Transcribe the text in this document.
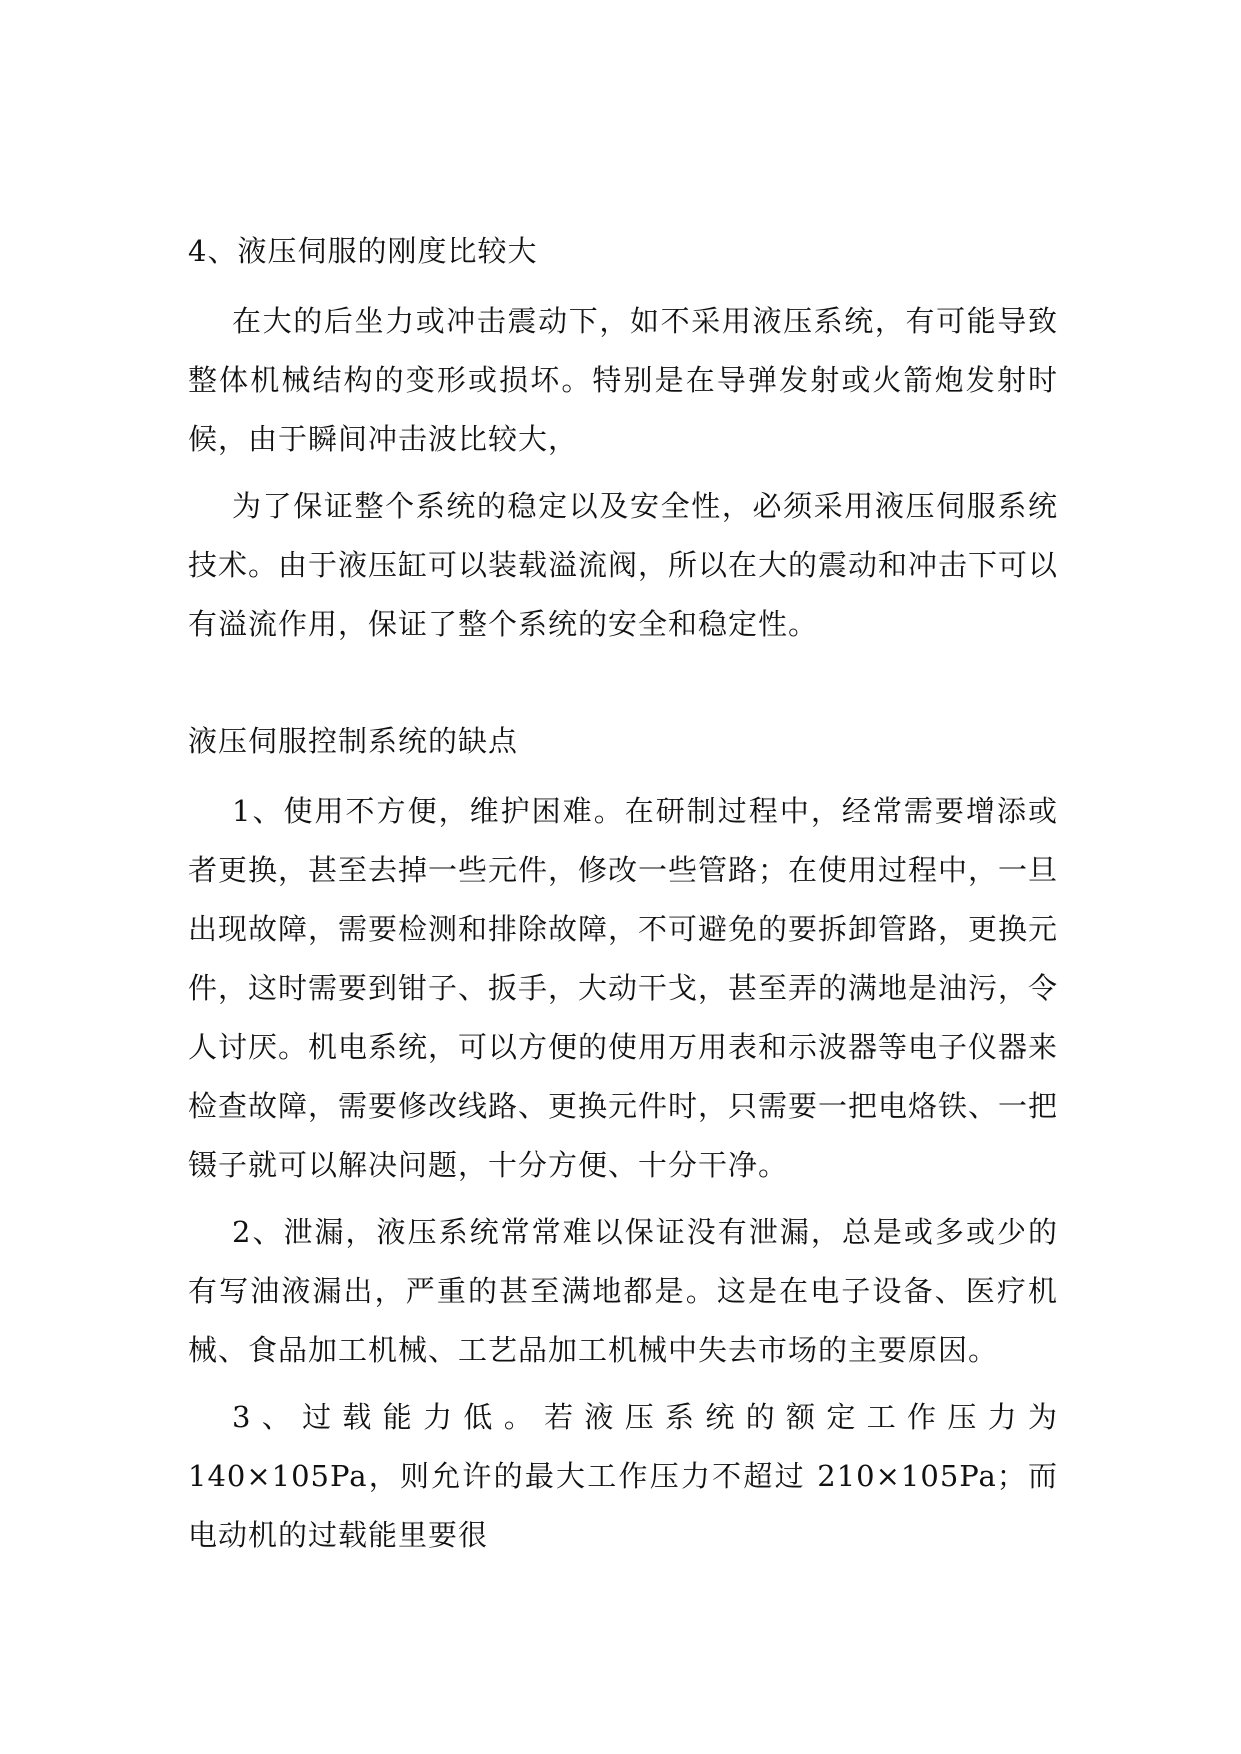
4、液压伺服的刚度比较大

在大的后坐力或冲击震动下，如不采用液压系统，有可能导致整体机械结构的变形或损坏。特别是在导弹发射或火箭炮发射时候，由于瞬间冲击波比较大，

为了保证整个系统的稳定以及安全性，必须采用液压伺服系统技术。由于液压缸可以装载溢流阀，所以在大的震动和冲击下可以有溢流作用，保证了整个系统的安全和稳定性。

液压伺服控制系统的缺点

1、使用不方便，维护困难。在研制过程中，经常需要增添或者更换，甚至去掉一些元件，修改一些管路；在使用过程中，一旦出现故障，需要检测和排除故障，不可避免的要拆卸管路，更换元件，这时需要到钳子、扳手，大动干戈，甚至弄的满地是油污，令人讨厌。机电系统，可以方便的使用万用表和示波器等电子仪器来检查故障，需要修改线路、更换元件时，只需要一把电烙铁、一把镊子就可以解决问题，十分方便、十分干净。

2、泄漏，液压系统常常难以保证没有泄漏，总是或多或少的有写油液漏出，严重的甚至满地都是。这是在电子设备、医疗机械、食品加工机械、工艺品加工机械中失去市场的主要原因。

3、过载能力低。若液压系统的额定工作压力为 140×105Pa，则允许的最大工作压力不超过 210×105Pa；而电动机的过载能里要很
